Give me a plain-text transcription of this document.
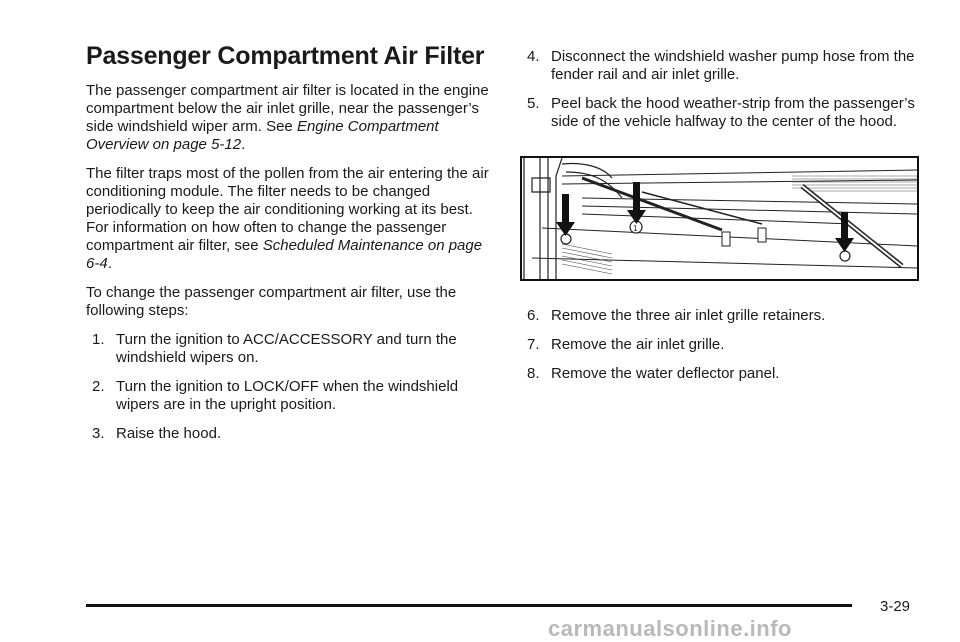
Passenger Compartment Air Filter

The passenger compartment air filter is located in the engine compartment below the air inlet grille, near the passenger’s side windshield wiper arm. See Engine Compartment Overview on page 5-12.

The filter traps most of the pollen from the air entering the air conditioning module. The filter needs to be changed periodically to keep the air conditioning working at its best. For information on how often to change the passenger compartment air filter, see Scheduled Maintenance on page 6-4.

To change the passenger compartment air filter, use the following steps:

1. Turn the ignition to ACC/ACCESSORY and turn the windshield wipers on.
2. Turn the ignition to LOCK/OFF when the windshield wipers are in the upright position.
3. Raise the hood.
4. Disconnect the windshield washer pump hose from the fender rail and air inlet grille.
5. Peel back the hood weather-strip from the passenger’s side of the vehicle halfway to the center of the hood.
1
6. Remove the three air inlet grille retainers.
7. Remove the air inlet grille.
8. Remove the water deflector panel.
3-29
carmanualsonline.info
